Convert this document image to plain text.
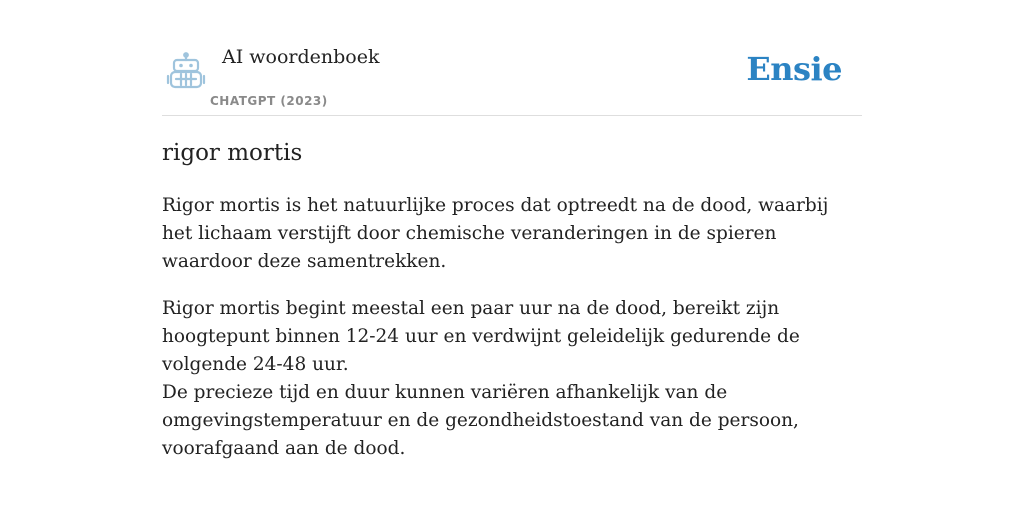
AI woordenboek
CHATGPT (2023)
Ensie
rigor mortis
Rigor mortis is het natuurlijke proces dat optreedt na de dood, waarbij het lichaam verstijft door chemische veranderingen in de spieren waardoor deze samentrekken.
Rigor mortis begint meestal een paar uur na de dood, bereikt zijn hoogtepunt binnen 12-24 uur en verdwijnt geleidelijk gedurende de volgende 24-48 uur.
De precieze tijd en duur kunnen variëren afhankelijk van de omgevingstemperatuur en de gezondheidstoestand van de persoon, voorafgaand aan de dood.
